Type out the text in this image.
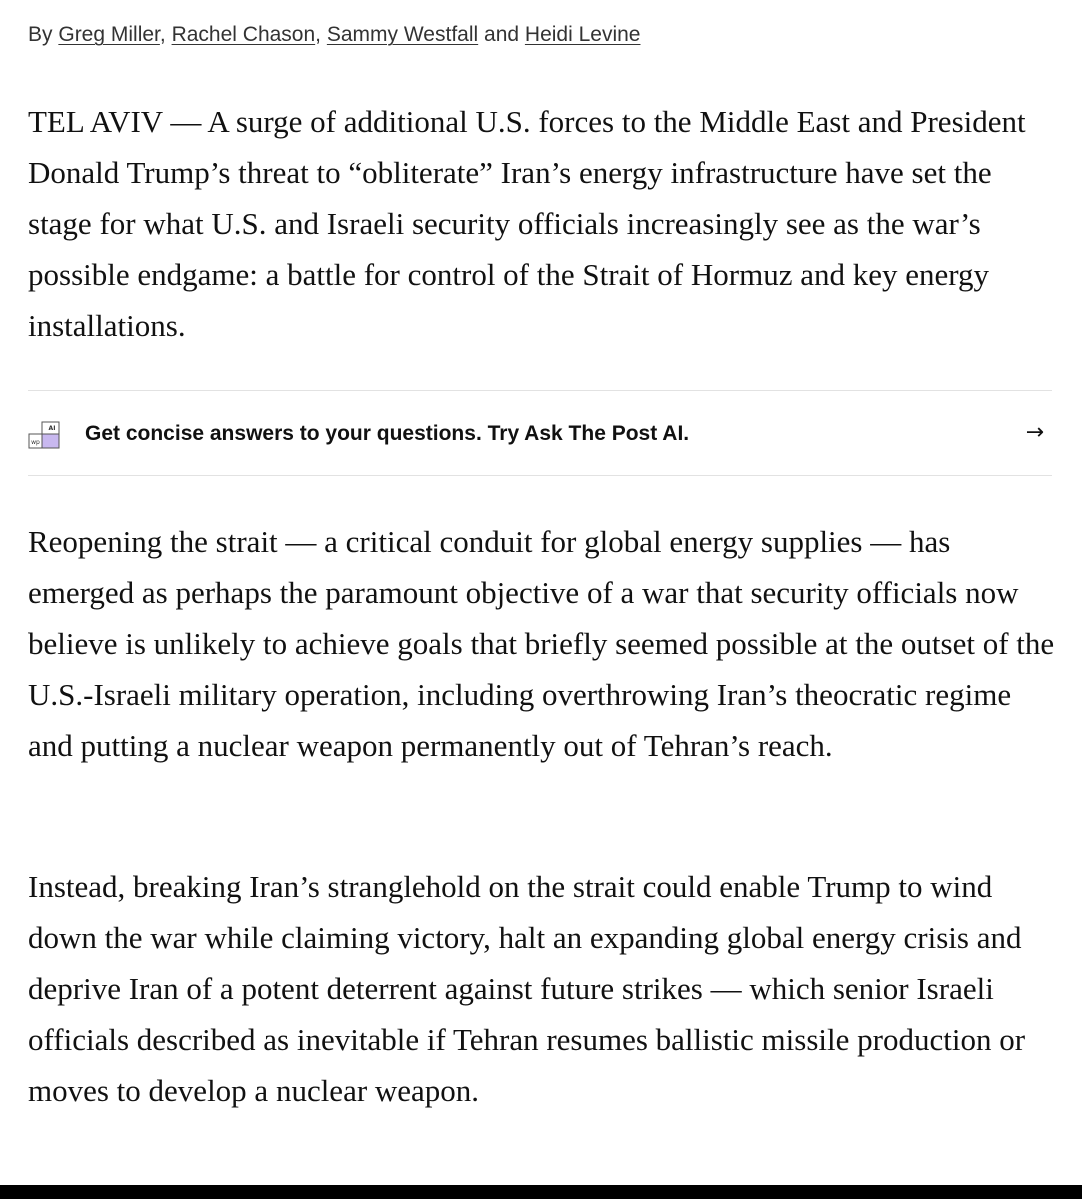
By Greg Miller, Rachel Chason, Sammy Westfall and Heidi Levine

TEL AVIV — A surge of additional U.S. forces to the Middle East and President Donald Trump’s threat to “obliterate” Iran’s energy infrastructure have set the stage for what U.S. and Israeli security officials increasingly see as the war’s possible endgame: a battle for control of the Strait of Hormuz and key energy installations.

wp
AI Get concise answers to your questions. Try Ask The Post AI.	→

Reopening the strait — a critical conduit for global energy supplies — has emerged as perhaps the paramount objective of a war that security officials now believe is unlikely to achieve goals that briefly seemed possible at the outset of the U.S.-Israeli military operation, including overthrowing Iran’s theocratic regime and putting a nuclear weapon permanently out of Tehran’s reach.

Instead, breaking Iran’s stranglehold on the strait could enable Trump to wind down the war while claiming victory, halt an expanding global energy crisis and deprive Iran of a potent deterrent against future strikes — which senior Israeli officials described as inevitable if Tehran resumes ballistic missile production or moves to develop a nuclear weapon.
